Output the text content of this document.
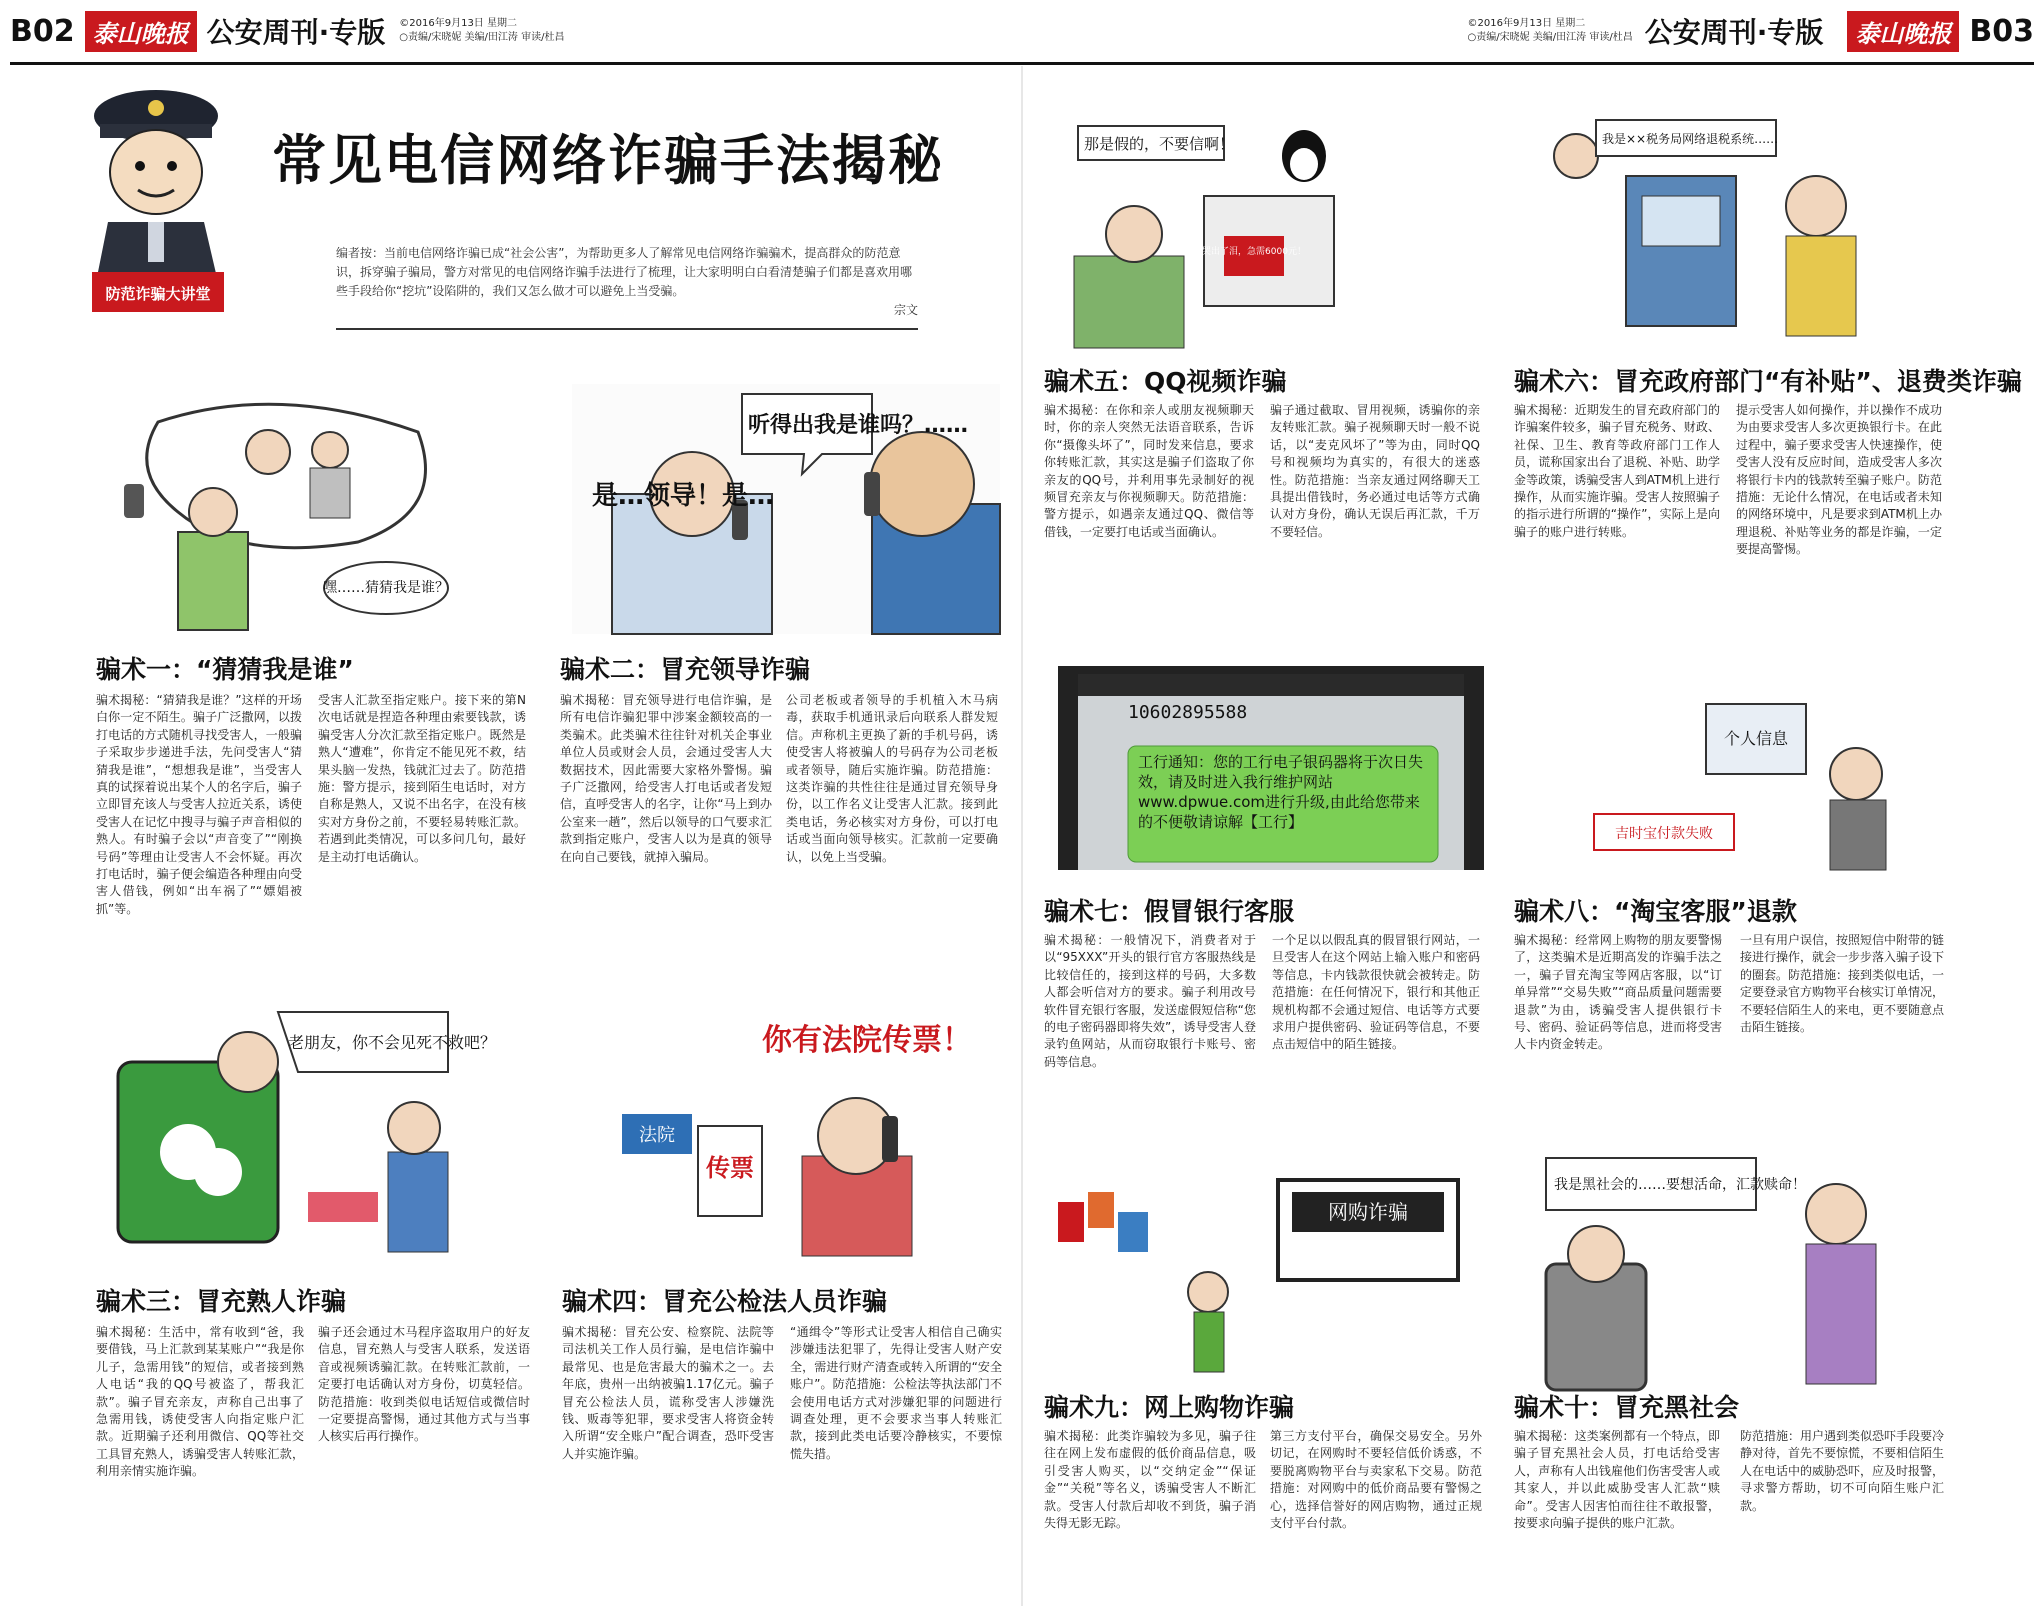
B02 泰山晚报 公安周刊·专版 ©2016年9月13日 星期二
○责编/宋晓妮 美编/田江涛 审读/杜昌
©2016年9月13日 星期二
○责编/宋晓妮 美编/田江涛 审读/杜昌 公安周刊·专版	泰山晚报 B03
防范诈骗大讲堂
常见电信网络诈骗手法揭秘
编者按：当前电信网络诈骗已成“社会公害”，为帮助更多人了解常见电信网络诈骗骗术，提高群众的防范意识，拆穿骗子骗局，警方对常见的电信网络诈骗手法进行了梳理，让大家明明白白看清楚骗子们都是喜欢用哪些手段给你“挖坑”设陷阱的，我们又怎么做才可以避免上当受骗。
宗文
嘿……猜猜我是谁？
是…领导！是…
听得出我是谁吗？……
老朋友，你不会见死不救吧？
法院
传票
你有法院传票！
哭出了泪，急需6000元！
那是假的，不要信啊！	我是××税务局网络退税系统……
10602895588
工行通知：您的工行电子银码器将于次日失效，请及时进入我行维护网站www.dpwue.com进行升级,由此给您带来的不便敬请谅解【工行】
个人信息
吉时宝付款失败
网购诈骗
我是黑社会的……要想活命，汇款赎命！
骗术一：“猜猜我是谁”	骗术二：冒充领导诈骗
骗术三：冒充熟人诈骗	骗术四：冒充公检法人员诈骗
骗术五：QQ视频诈骗	骗术六：冒充政府部门“有补贴”、退费类诈骗
骗术七：假冒银行客服	骗术八：“淘宝客服”退款
骗术九：网上购物诈骗	骗术十：冒充黑社会
骗术揭秘：“猜猜我是谁？”这样的开场白你一定不陌生。骗子广泛撒网，以拨打电话的方式随机寻找受害人，一般骗子采取步步递进手法，先问受害人“猜猜我是谁”，“想想我是谁”，当受害人真的试探着说出某个人的名字后，骗子立即冒充该人与受害人拉近关系，诱使受害人在记忆中搜寻与骗子声音相似的熟人。有时骗子会以“声音变了”“刚换号码”等理由让受害人不会怀疑。再次打电话时，骗子便会编造各种理由向受害人借钱，例如“出车祸了”“嫖娼被抓”等。
受害人汇款至指定账户。接下来的第N次电话就是捏造各种理由索要钱款，诱骗受害人分次汇款至指定账户。既然是熟人“遭难”，你肯定不能见死不救，结果头脑一发热，钱就汇过去了。防范措施：警方提示，接到陌生电话时，对方自称是熟人，又说不出名字，在没有核实对方身份之前，不要轻易转账汇款。若遇到此类情况，可以多问几句，最好是主动打电话确认。
骗术揭秘：冒充领导进行电信诈骗，是所有电信诈骗犯罪中涉案金额较高的一类骗术。此类骗术往往针对机关企事业单位人员或财会人员，会通过受害人大数据技术，因此需要大家格外警惕。骗子广泛撒网，给受害人打电话或者发短信，直呼受害人的名字，让你“马上到办公室来一趟”，然后以领导的口气要求汇款到指定账户，受害人以为是真的领导在向自己要钱，就掉入骗局。
公司老板或者领导的手机植入木马病毒，获取手机通讯录后向联系人群发短信。声称机主更换了新的手机号码，诱使受害人将被骗人的号码存为公司老板或者领导，随后实施诈骗。防范措施：这类诈骗的共性往往是通过冒充领导身份，以工作名义让受害人汇款。接到此类电话，务必核实对方身份，可以打电话或当面向领导核实。汇款前一定要确认，以免上当受骗。
骗术揭秘：生活中，常有收到“爸，我要借钱，马上汇款到某某账户”“我是你儿子，急需用钱”的短信，或者接到熟人电话“我的QQ号被盗了，帮我汇款”。骗子冒充亲友，声称自己出事了急需用钱，诱使受害人向指定账户汇款。近期骗子还利用微信、QQ等社交工具冒充熟人，诱骗受害人转账汇款，利用亲情实施诈骗。
骗子还会通过木马程序盗取用户的好友信息，冒充熟人与受害人联系，发送语音或视频诱骗汇款。在转账汇款前，一定要打电话确认对方身份，切莫轻信。防范措施：收到类似电话短信或微信时一定要提高警惕，通过其他方式与当事人核实后再行操作。
骗术揭秘：冒充公安、检察院、法院等司法机关工作人员行骗，是电信诈骗中最常见、也是危害最大的骗术之一。去年底，贵州一出纳被骗1.17亿元。骗子冒充公检法人员，谎称受害人涉嫌洗钱、贩毒等犯罪，要求受害人将资金转入所谓“安全账户”配合调查，恐吓受害人并实施诈骗。
“通缉令”等形式让受害人相信自己确实涉嫌违法犯罪了，先得让受害人财产安全，需进行财产清查或转入所谓的“安全账户”。防范措施：公检法等执法部门不会使用电话方式对涉嫌犯罪的问题进行调查处理，更不会要求当事人转账汇款，接到此类电话要冷静核实，不要惊慌失措。
骗术揭秘：在你和亲人或朋友视频聊天时，你的亲人突然无法语音联系，告诉你“摄像头坏了”，同时发来信息，要求你转账汇款，其实这是骗子们盗取了你亲友的QQ号，并利用事先录制好的视频冒充亲友与你视频聊天。防范措施：警方提示，如遇亲友通过QQ、微信等借钱，一定要打电话或当面确认。
骗子通过截取、冒用视频，诱骗你的亲友转账汇款。骗子视频聊天时一般不说话，以“麦克风坏了”等为由，同时QQ号和视频均为真实的，有很大的迷惑性。防范措施：当亲友通过网络聊天工具提出借钱时，务必通过电话等方式确认对方身份，确认无误后再汇款，千万不要轻信。
骗术揭秘：近期发生的冒充政府部门的诈骗案件较多，骗子冒充税务、财政、社保、卫生、教育等政府部门工作人员，谎称国家出台了退税、补贴、助学金等政策，诱骗受害人到ATM机上进行操作，从而实施诈骗。受害人按照骗子的指示进行所谓的“操作”，实际上是向骗子的账户进行转账。
提示受害人如何操作，并以操作不成功为由要求受害人多次更换银行卡。在此过程中，骗子要求受害人快速操作，使受害人没有反应时间，造成受害人多次将银行卡内的钱款转至骗子账户。防范措施：无论什么情况，在电话或者未知的网络环境中，凡是要求到ATM机上办理退税、补贴等业务的都是诈骗，一定要提高警惕。
骗术揭秘：一般情况下，消费者对于以“95XXX”开头的银行官方客服热线是比较信任的，接到这样的号码，大多数人都会听信对方的要求。骗子利用改号软件冒充银行客服，发送虚假短信称“您的电子密码器即将失效”，诱导受害人登录钓鱼网站，从而窃取银行卡账号、密码等信息。
一个足以以假乱真的假冒银行网站，一旦受害人在这个网站上输入账户和密码等信息，卡内钱款很快就会被转走。防范措施：在任何情况下，银行和其他正规机构都不会通过短信、电话等方式要求用户提供密码、验证码等信息，不要点击短信中的陌生链接。
骗术揭秘：经常网上购物的朋友要警惕了，这类骗术是近期高发的诈骗手法之一，骗子冒充淘宝等网店客服，以“订单异常”“交易失败”“商品质量问题需要退款”为由，诱骗受害人提供银行卡号、密码、验证码等信息，进而将受害人卡内资金转走。
一旦有用户误信，按照短信中附带的链接进行操作，就会一步步落入骗子设下的圈套。防范措施：接到类似电话，一定要登录官方购物平台核实订单情况，不要轻信陌生人的来电，更不要随意点击陌生链接。
骗术揭秘：此类诈骗较为多见，骗子往往在网上发布虚假的低价商品信息，吸引受害人购买，以“交纳定金”“保证金”“关税”等名义，诱骗受害人不断汇款。受害人付款后却收不到货，骗子消失得无影无踪。
第三方支付平台，确保交易安全。另外切记，在网购时不要轻信低价诱惑，不要脱离购物平台与卖家私下交易。防范措施：对网购中的低价商品要有警惕之心，选择信誉好的网店购物，通过正规支付平台付款。
骗术揭秘：这类案例都有一个特点，即骗子冒充黑社会人员，打电话给受害人，声称有人出钱雇他们伤害受害人或其家人，并以此威胁受害人汇款“赎命”。受害人因害怕而往往不敢报警，按要求向骗子提供的账户汇款。
防范措施：用户遇到类似恐吓手段要冷静对待，首先不要惊慌，不要相信陌生人在电话中的威胁恐吓，应及时报警，寻求警方帮助，切不可向陌生账户汇款。
